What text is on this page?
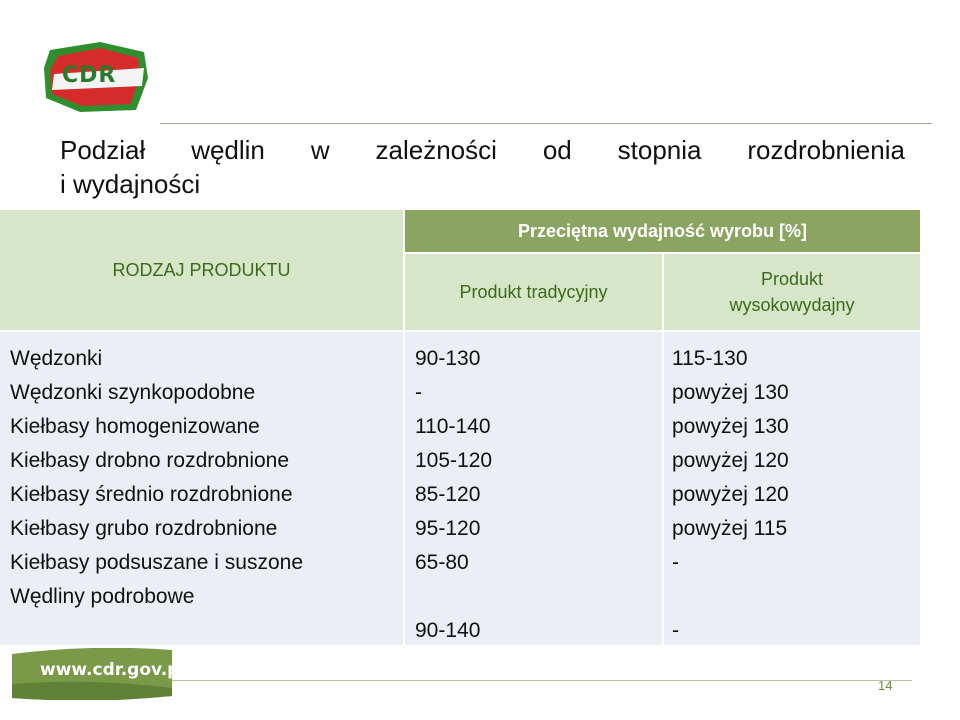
CDR
Podział wędlin w zależności od stopnia rozdrobnienia
i wydajności
RODZAJ PRODUKTU
Przeciętna wydajność wyrobu [%]
Produkt tradycyjny
Produkt
wysokowydajny
Wędzonki
Wędzonki szynkopodobne
Kiełbasy homogenizowane
Kiełbasy drobno rozdrobnione
Kiełbasy średnio rozdrobnione
Kiełbasy grubo rozdrobnione
Kiełbasy podsuszane i suszone
Wędliny podrobowe
90-130
-
110-140
105-120
85-120
95-120
65-80
90-140
115-130
powyżej 130
powyżej 130
powyżej 120
powyżej 120
powyżej 115
-
-
www.cdr.gov.pl
14
